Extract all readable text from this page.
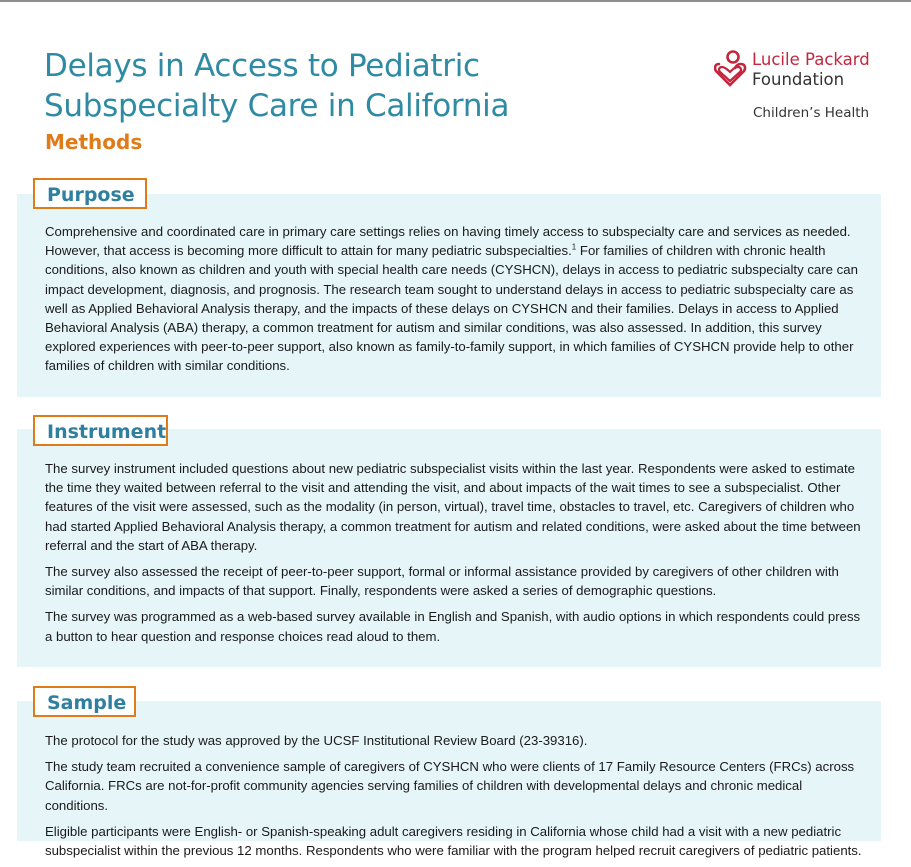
Delays in Access to Pediatric
Subspecialty Care in California
Methods
Lucile Packard
Foundation
Children’s Health
Purpose

Comprehensive and coordinated care in primary care settings relies on having timely access to subspecialty care and services as needed. However, that access is becoming more difficult to attain for many pediatric subspecialties.$^1$ For families of children with chronic health conditions, also known as children and youth with special health care needs (CYSHCN), delays in access to pediatric subspecialty care can impact development, diagnosis, and prognosis. The research team sought to understand delays in access to pediatric subspecialty care as well as Applied Behavioral Analysis therapy, and the impacts of these delays on CYSHCN and their families. Delays in access to Applied Behavioral Analysis (ABA) therapy, a common treatment for autism and similar conditions, was also assessed. In addition, this survey explored experiences with peer-to-peer support, also known as family-to-family support, in which families of CYSHCN provide help to other families of children with similar conditions.

Instrument

The survey instrument included questions about new pediatric subspecialist visits within the last year. Respondents were asked to estimate the time they waited between referral to the visit and attending the visit, and about impacts of the wait times to see a subspecialist. Other features of the visit were assessed, such as the modality (in person, virtual), travel time, obstacles to travel, etc. Caregivers of children who had started Applied Behavioral Analysis therapy, a common treatment for autism and related conditions, were asked about the time between referral and the start of ABA therapy.

The survey also assessed the receipt of peer-to-peer support, formal or informal assistance provided by caregivers of other children with similar conditions, and impacts of that support. Finally, respondents were asked a series of demographic questions.

The survey was programmed as a web-based survey available in English and Spanish, with audio options in which respondents could press a button to hear question and response choices read aloud to them.

Sample

The protocol for the study was approved by the UCSF Institutional Review Board (23-39316).

The study team recruited a convenience sample of caregivers of CYSHCN who were clients of 17 Family Resource Centers (FRCs) across California. FRCs are not-for-profit community agencies serving families of children with developmental delays and chronic medical conditions.

Eligible participants were English- or Spanish-speaking adult caregivers residing in California whose child had a visit with a new pediatric subspecialist within the previous 12 months. Respondents who were familiar with the program helped recruit caregivers of pediatric patients.
